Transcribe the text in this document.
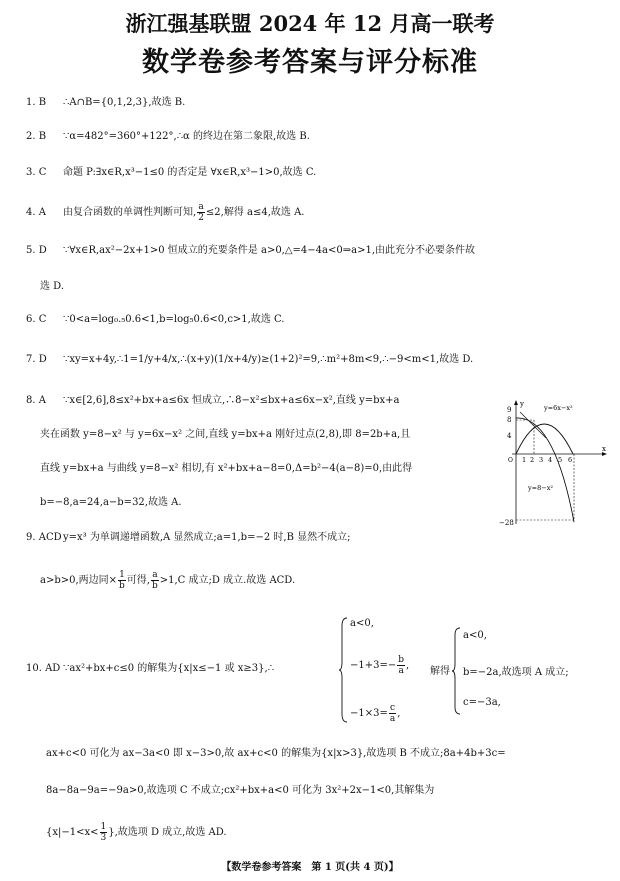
浙江强基联盟 2024 年 12 月高一联考
数学卷参考答案与评分标准
1. B ∴A∩B={0,1,2,3},故选 B.
2. B ∵α=482°=360°+122°,∴α 的终边在第二象限,故选 B.
3. C 命题 P:∃x∈R,x³−1≤0 的否定是 ∀x∈R,x³−1>0,故选 C.
4. A 由复合函数的单调性判断可知, $\frac{a}{2} \le 2$,解得 a≤4,故选 A.
5. D ∵∀x∈R,ax²−2x+1>0 恒成立的充要条件是 a>0,△=4−4a<0⇒a>1,由此充分不必要条件故
选 D.
6. C ∵0<a=log₀.₅0.6<1,b=log₅0.6<0,c>1,故选 C.
7. D ∵xy=x+4y,∴1=1/y+4/x,∴(x+y)(1/x+4/y)≥(1+2)²=9,∴m²+8m<9,∴−9<m<1,故选 D.
8. A ∵x∈[2,6],8≤x²+bx+a≤6x 恒成立,∴8−x²≤bx+a≤6x−x²,直线 y=bx+a
夹在函数 y=8−x² 与 y=6x−x² 之间,直线 y=bx+a 刚好过点(2,8),即 8=2b+a,且
直线 y=bx+a 与曲线 y=8−x² 相切,有 x²+bx+a−8=0,Δ=b²−4(a−8)=0,由此得
b=−8,a=24,a−b=32,故选 A.
y
x
O
9
8
4
−28
1 2 3 4 5 6
y=6x−x²
y=8−x²
9. ACDy=x³ 为单调递增函数,A 显然成立;a=1,b=−2 时,B 显然不成立;
a>b>0,两边同× $\frac{1}{b}$ 可得, $\frac{a}{b} >1,C$ 成立;D 成立.故选 ACD.
10. AD ∵ax²+bx+c≤0 的解集为{x|x≤−1 或 x≥3},∴
a<0,
$-1+3=- \frac{b}{a}$ ,
$-1\times 3= \frac{c}{a}$ ,
解得
a<0,
b=−2a,故选项 A 成立;
c=−3a,
ax+c<0 可化为 ax−3a<0 即 x−3>0,故 ax+c<0 的解集为{x|x>3},故选项 B 不成立;8a+4b+3c=
8a−8a−9a=−9a>0,故选项 C 不成立;cx²+bx+a<0 可化为 3x²+2x−1<0,其解集为
{$x|-1<x< \frac{1}{3}$ },故选项 D 成立,故选 AD.
【数学卷参考答案　第 1 页(共 4 页)】
